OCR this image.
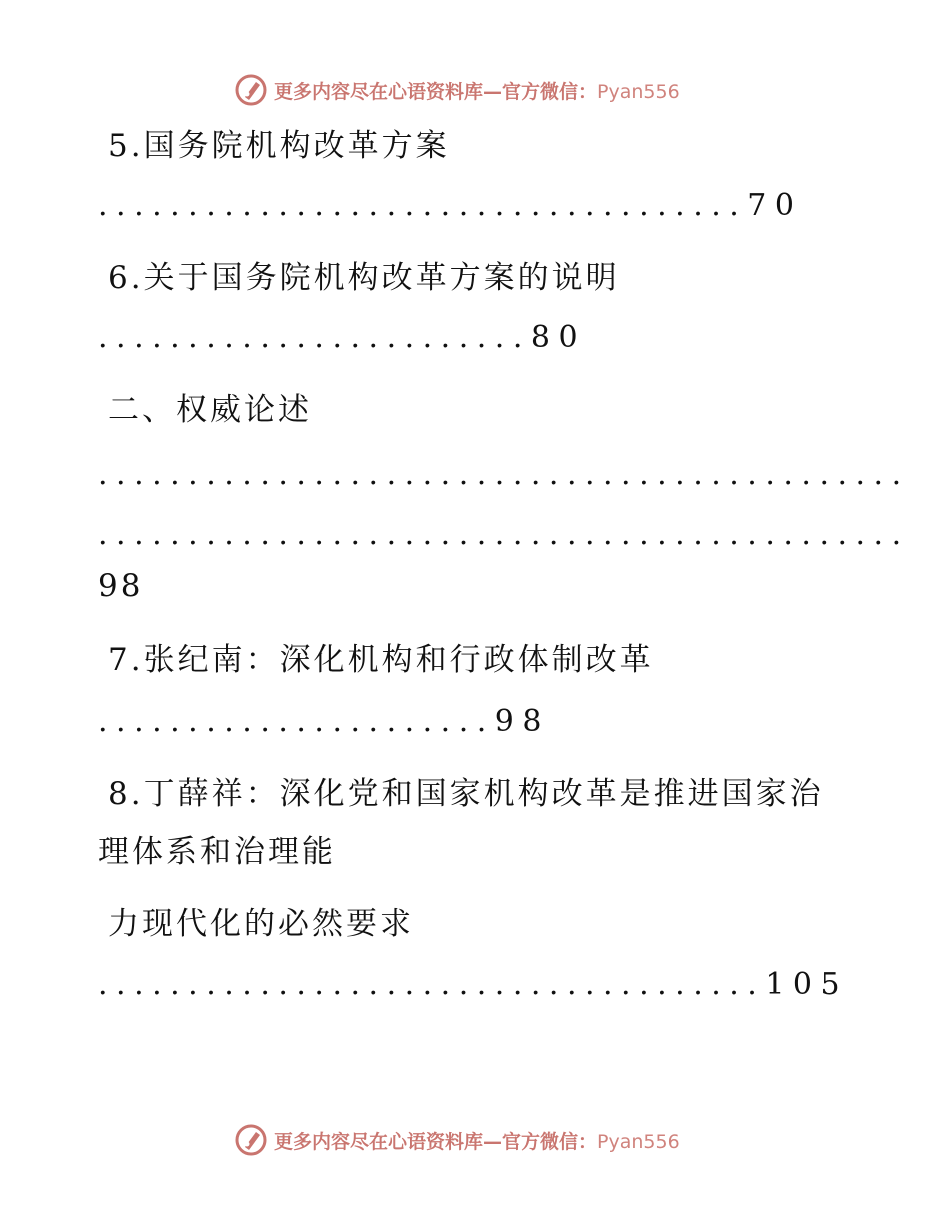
更多内容尽在心语资料库—官方微信：Pyan556
5.国务院机构改革方案
....................................70
6.关于国务院机构改革方案的说明
........................80
二、权威论述
.............................................
.............................................
98
7.张纪南：深化机构和行政体制改革
......................98
8.丁薛祥：深化党和国家机构改革是推进国家治
理体系和治理能
力现代化的必然要求
.....................................105
更多内容尽在心语资料库—官方微信：Pyan556
